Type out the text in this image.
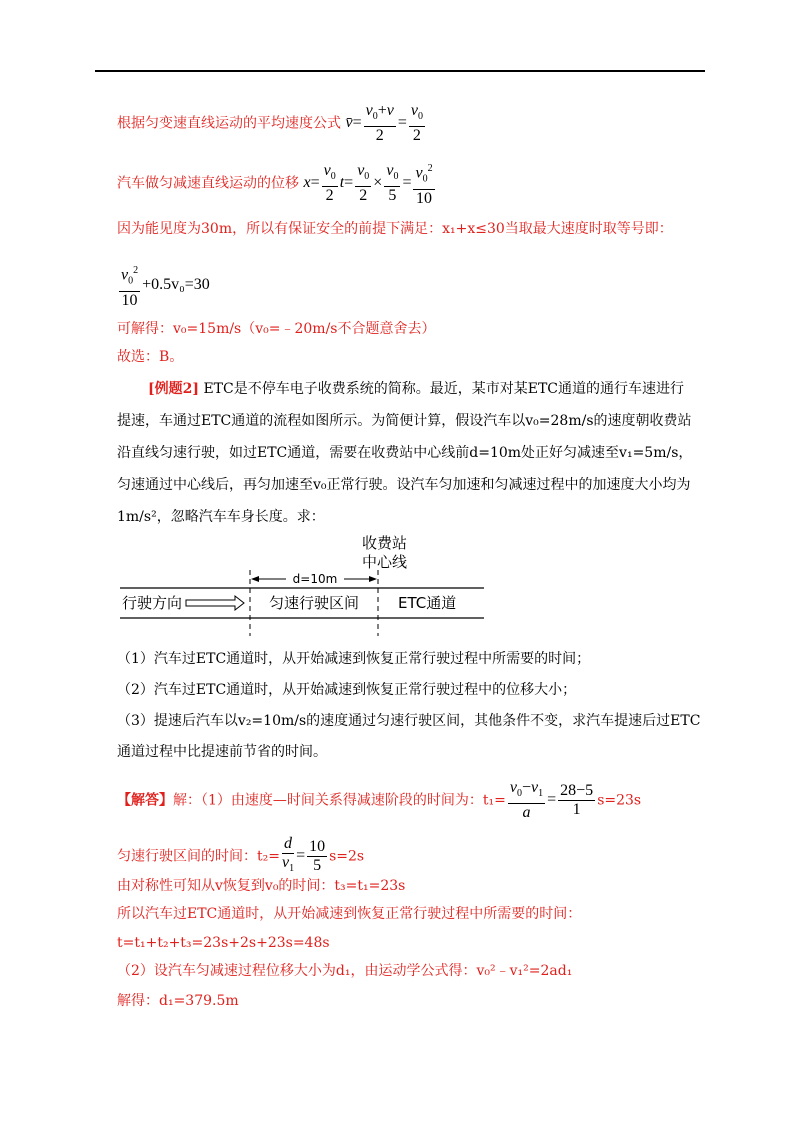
根据匀变速直线运动的平均速度公式 v̄= $\frac{v_0+v}{2} = \frac{v_0}{2}$
汽车做匀减速直线运动的位移 $x= \frac{v_0}{2} t= \frac{v_0}{2} \times \frac{v_0}{5} = \frac{v_0^2}{10}$
因为能见度为30m，所以有保证安全的前提下满足：x₁+x≤30当取最大速度时取等号即：
$\frac{v_0^2}{10} +0.5v_0=30$
可解得：v₀=15m/s（v₀=﹣20m/s不合题意舍去）
故选：B。
[例题2] ETC是不停车电子收费系统的简称。最近，某市对某ETC通道的通行车速进行
提速，车通过ETC通道的流程如图所示。为简便计算，假设汽车以v₀=28m/s的速度朝收费站
沿直线匀速行驶，如过ETC通道，需要在收费站中心线前d=10m处正好匀减速至v₁=5m/s，
匀速通过中心线后，再匀加速至v₀正常行驶。设汽车匀加速和匀减速过程中的加速度大小均为
1m/s²，忽略汽车车身长度。求：
收费站
中心线
d=10m
行驶方向	匀速行驶区间	ETC通道
（1）汽车过ETC通道时，从开始减速到恢复正常行驶过程中所需要的时间；
（2）汽车过ETC通道时，从开始减速到恢复正常行驶过程中的位移大小；
（3）提速后汽车以v₂=10m/s的速度通过匀速行驶区间，其他条件不变，求汽车提速后过ETC
通道过程中比提速前节省的时间。
【解答】解：（1）由速度—时间关系得减速阶段的时间为：$t_1= \frac{v_0-v_1}{a} = \frac{28-5}{1} s=23s$
匀速行驶区间的时间：$t_2= \frac{d}{v_1} = \frac{10}{5} s=2s$
由对称性可知从v恢复到v₀的时间：t₃=t₁=23s
所以汽车过ETC通道时，从开始减速到恢复正常行驶过程中所需要的时间：
t=t₁+t₂+t₃=23s+2s+23s=48s
（2）设汽车匀减速过程位移大小为d₁，由运动学公式得：v₀²﹣v₁²=2ad₁
解得：d₁=379.5m
